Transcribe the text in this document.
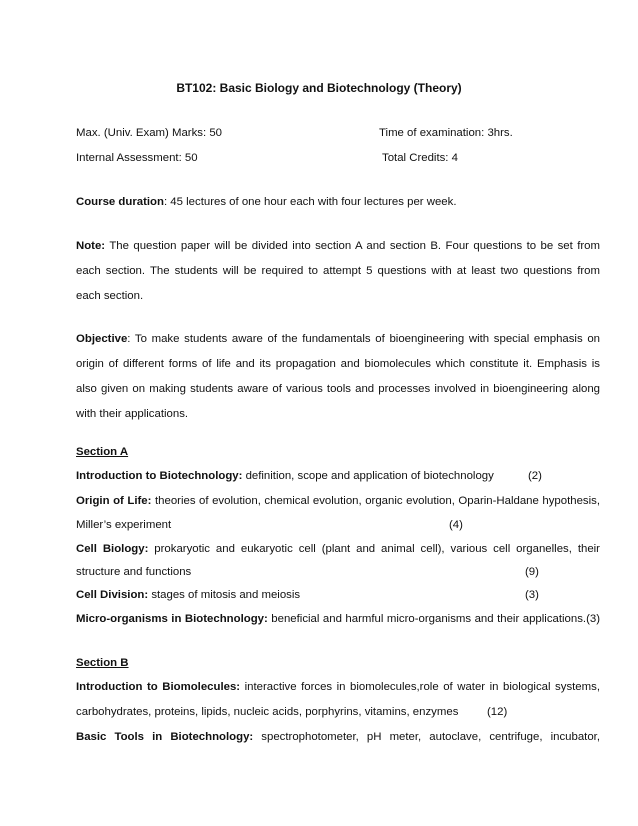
BT102: Basic Biology and Biotechnology (Theory)
Max. (Univ. Exam) Marks: 50	Time of examination: 3hrs.
Internal Assessment: 50	Total Credits: 4
Course duration: 45 lectures of one hour each with four lectures per week.
Note: The question paper will be divided into section A and section B. Four questions to be set from
each section. The students will be required to attempt 5 questions with at least two questions from
each section.
Objective: To make students aware of the fundamentals of bioengineering with special emphasis on
origin of different forms of life and its propagation and biomolecules which constitute it. Emphasis is
also given on making students aware of various tools and processes involved in bioengineering along
with their applications.
Section A
Introduction to Biotechnology: definition, scope and application of biotechnology	(2)
Origin of Life: theories of evolution, chemical evolution, organic evolution, Oparin-Haldane hypothesis,
Miller’s experiment	(4)
Cell Biology: prokaryotic and eukaryotic cell (plant and animal cell), various cell organelles, their
structure and functions	(9)
Cell Division: stages of mitosis and meiosis	(3)
Micro-organisms in Biotechnology: beneficial and harmful micro-organisms and their applications.(3)
Section B
Introduction to Biomolecules: interactive forces in biomolecules,role of water in biological systems,
carbohydrates, proteins, lipids, nucleic acids, porphyrins, vitamins, enzymes	(12)
Basic Tools in Biotechnology: spectrophotometer, pH meter, autoclave, centrifuge, incubator,
